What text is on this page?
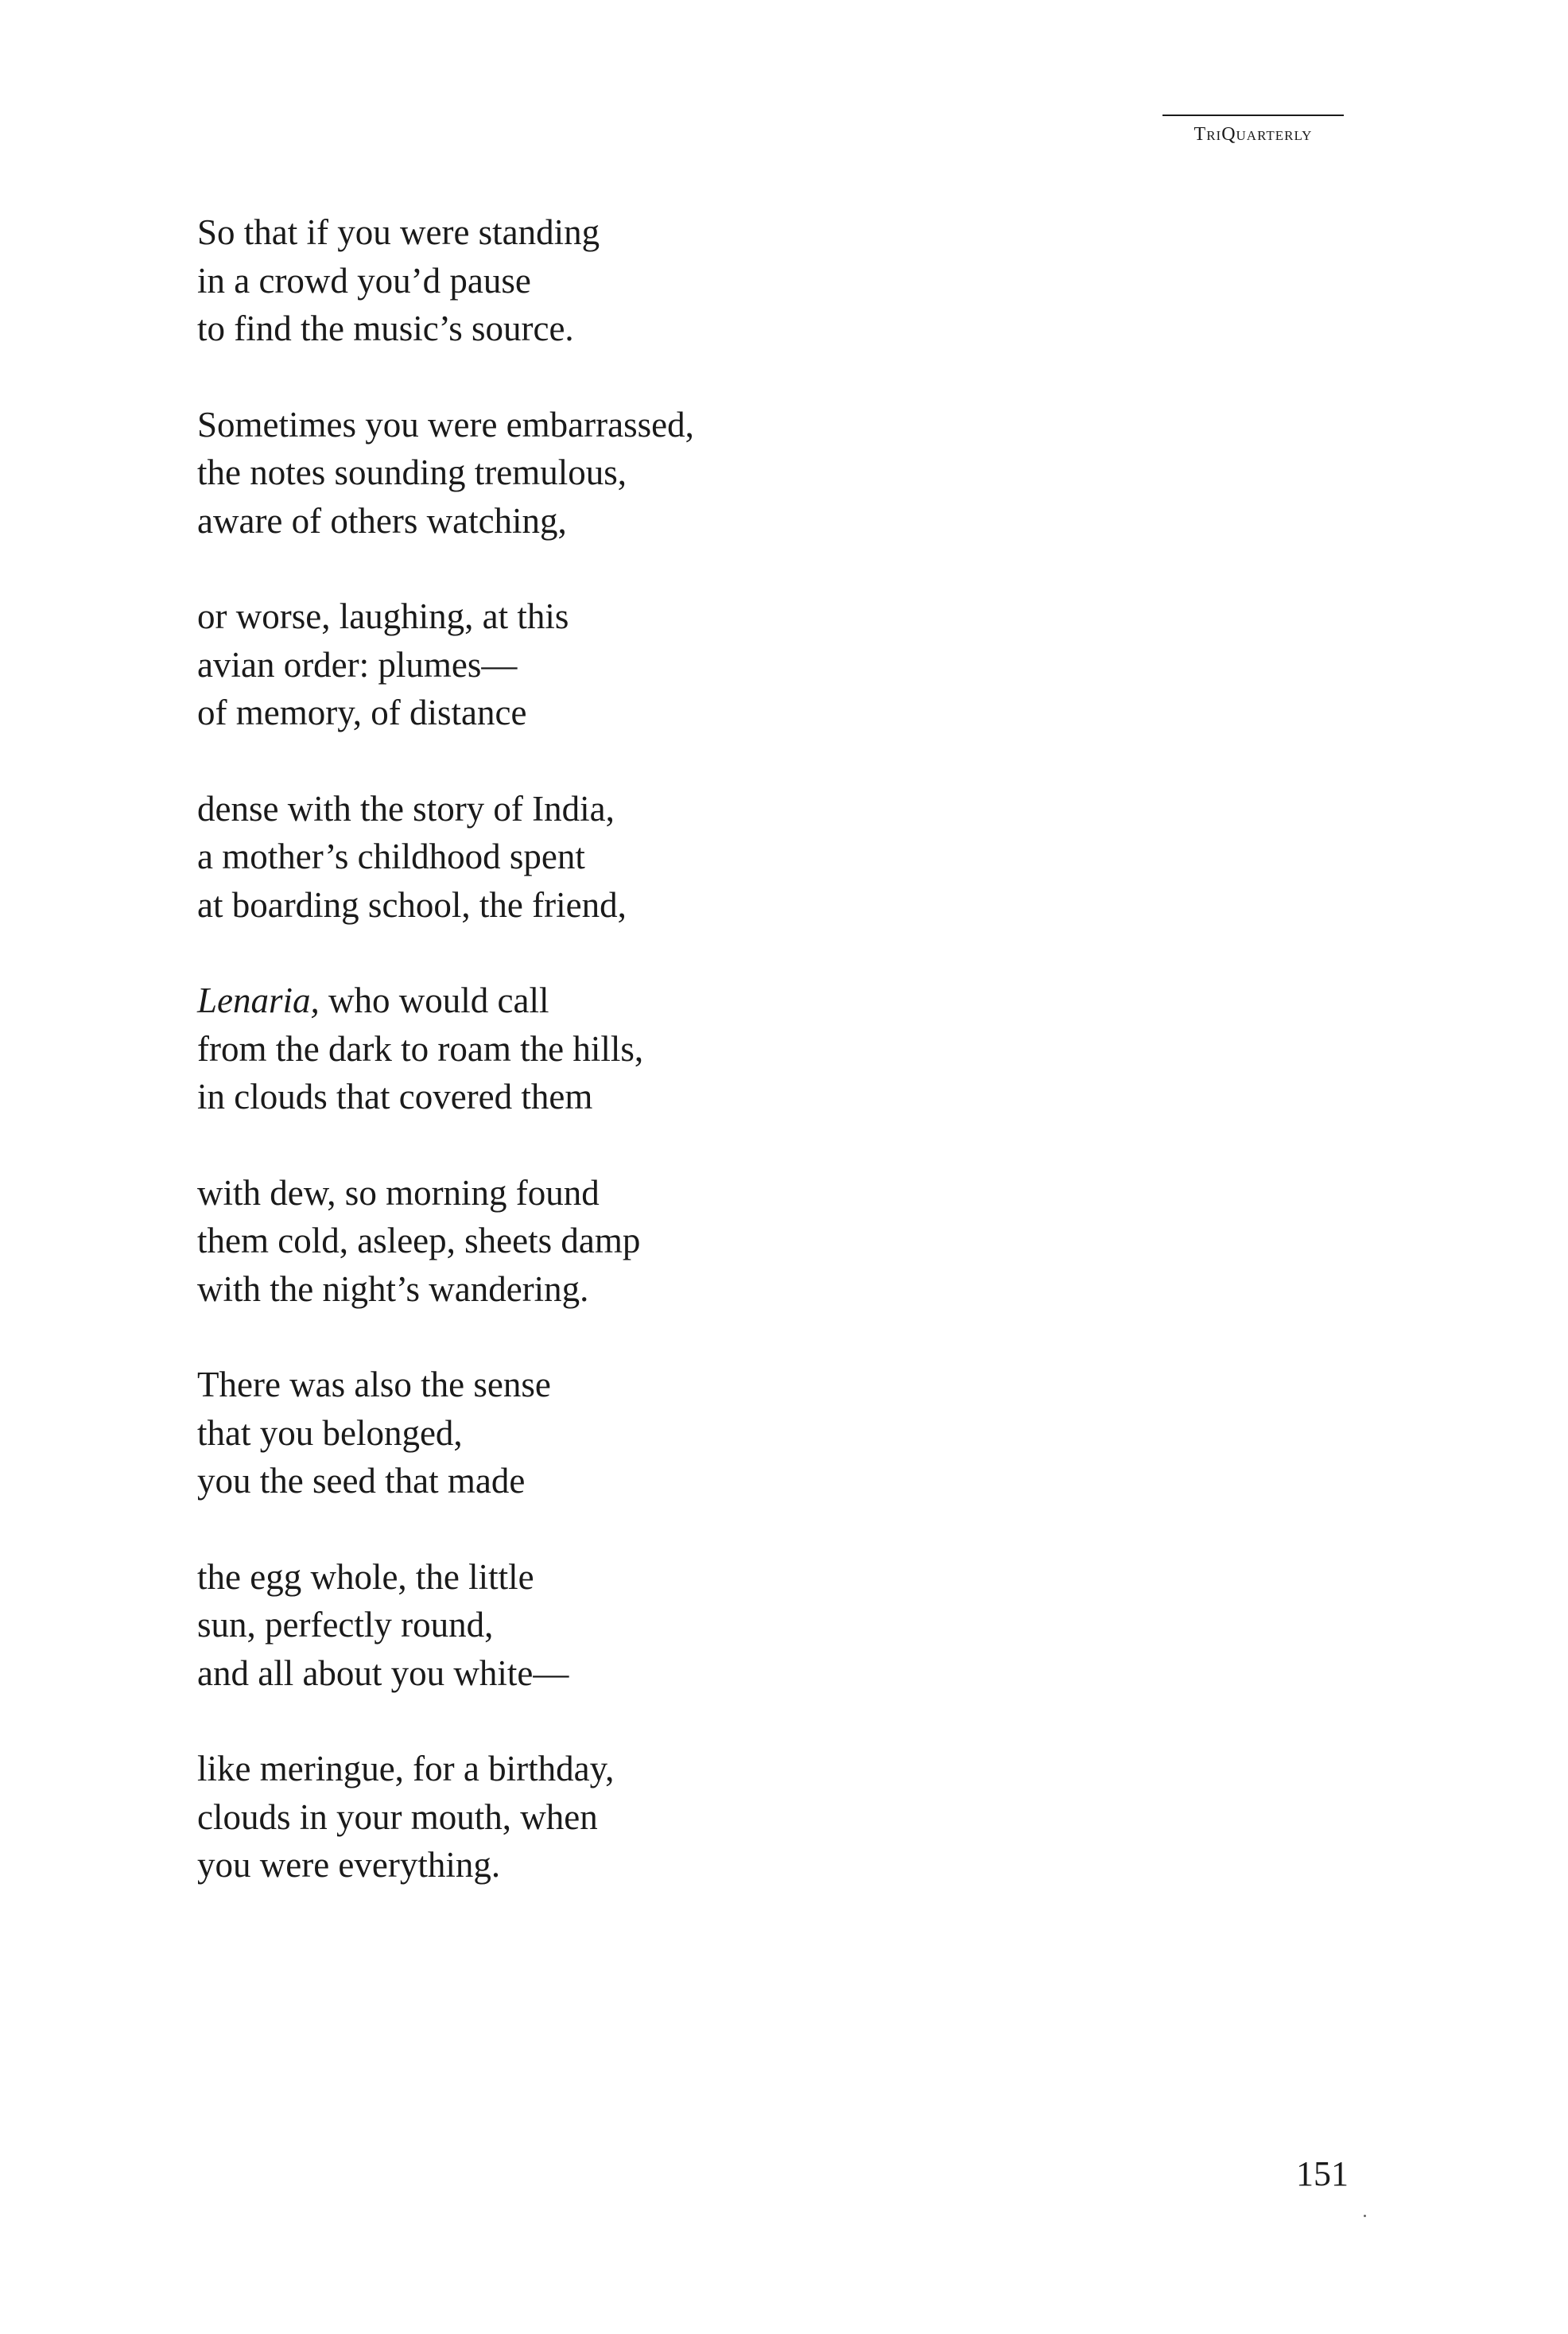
TriQuarterly
So that if you were standing
in a crowd you’d pause
to find the music’s source.
Sometimes you were embarrassed,
the notes sounding tremulous,
aware of others watching,
or worse, laughing, at this
avian order: plumes—
of memory, of distance
dense with the story of India,
a mother’s childhood spent
at boarding school, the friend,
Lenaria, who would call
from the dark to roam the hills,
in clouds that covered them
with dew, so morning found
them cold, asleep, sheets damp
with the night’s wandering.
There was also the sense
that you belonged,
you the seed that made
the egg whole, the little
sun, perfectly round,
and all about you white—
like meringue, for a birthday,
clouds in your mouth, when
you were everything.
151
